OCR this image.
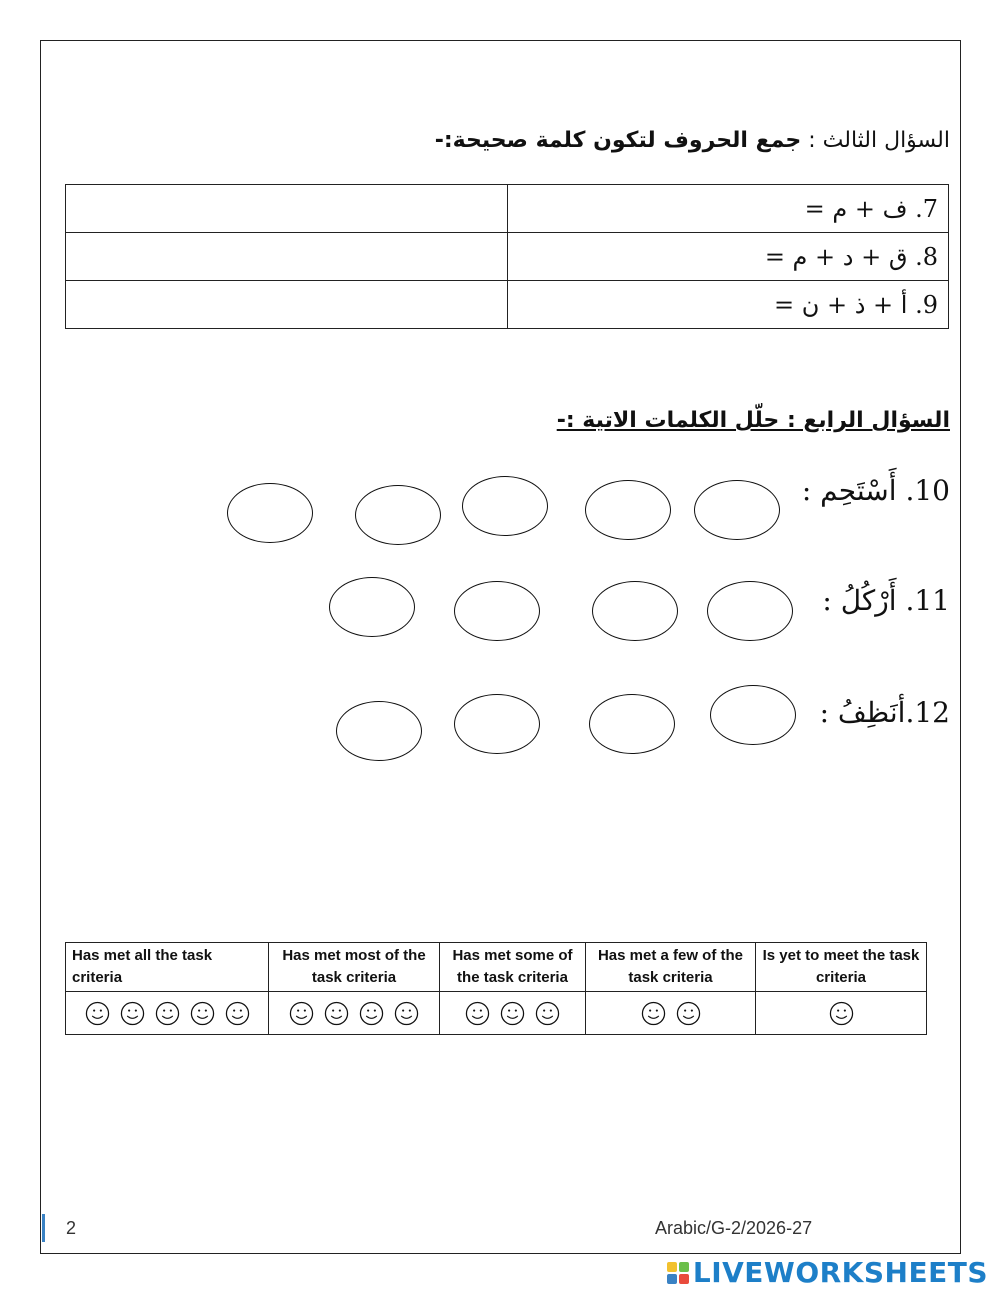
السؤال الثالث : جمع الحروف لتكون كلمة صحيحة:-
	7. ف + م =
	8. ق + د + م =
	9. أ + ذ + ن =
السؤال الرابع : حلّل الكلمات الاتية :-
10. أَسْتَحِم :
11. أَرْكُلُ :
12.أنَظِفُ :
Has met all the task criteria	Has met most of the task criteria	Has met some of the task criteria	Has met a few of the task criteria	Is yet to meet the task criteria

2	Arabic/G-2/2026-27
LIVEWORKSHEETS
